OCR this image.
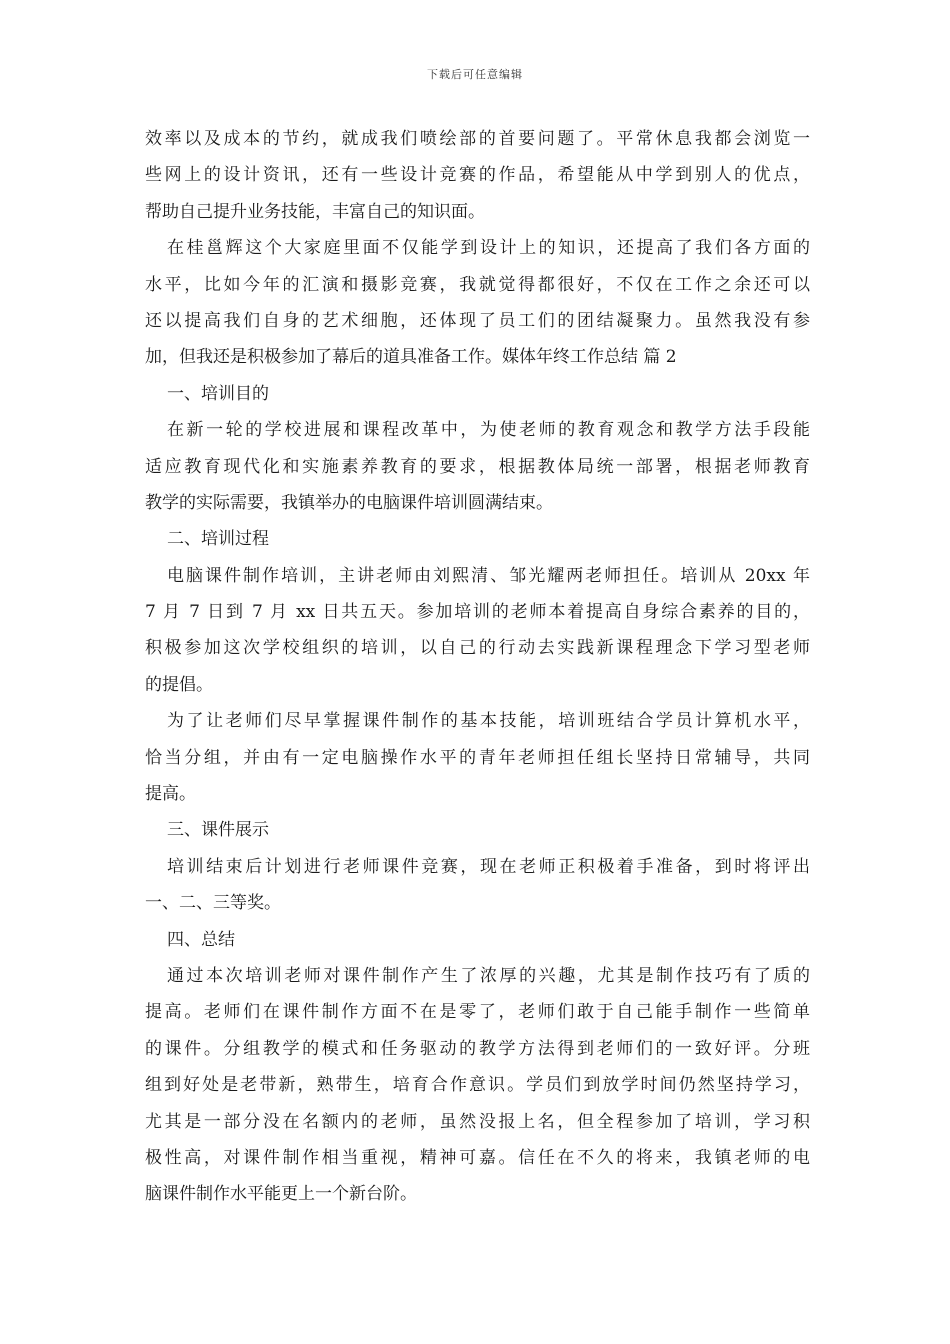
下载后可任意编辑
效率以及成本的节约，就成我们喷绘部的首要问题了。平常休息我都会浏览一
些网上的设计资讯，还有一些设计竞赛的作品，希望能从中学到别人的优点，
帮助自己提升业务技能，丰富自己的知识面。
在桂邕辉这个大家庭里面不仅能学到设计上的知识，还提高了我们各方面的
水平，比如今年的汇演和摄影竞赛，我就觉得都很好，不仅在工作之余还可以
还以提高我们自身的艺术细胞，还体现了员工们的团结凝聚力。虽然我没有参
加，但我还是积极参加了幕后的道具准备工作。媒体年终工作总结 篇 2
一、培训目的
在新一轮的学校进展和课程改革中，为使老师的教育观念和教学方法手段能
适应教育现代化和实施素养教育的要求，根据教体局统一部署，根据老师教育
教学的实际需要，我镇举办的电脑课件培训圆满结束。
二、培训过程
电脑课件制作培训，主讲老师由刘熙清、邹光耀两老师担任。培训从 20xx 年
7 月 7 日到 7 月 xx 日共五天。参加培训的老师本着提高自身综合素养的目的，
积极参加这次学校组织的培训，以自己的行动去实践新课程理念下学习型老师
的提倡。
为了让老师们尽早掌握课件制作的基本技能，培训班结合学员计算机水平，
恰当分组，并由有一定电脑操作水平的青年老师担任组长坚持日常辅导，共同
提高。
三、课件展示
培训结束后计划进行老师课件竞赛，现在老师正积极着手准备，到时将评出
一、二、三等奖。
四、总结
通过本次培训老师对课件制作产生了浓厚的兴趣，尤其是制作技巧有了质的
提高。老师们在课件制作方面不在是零了，老师们敢于自己能手制作一些简单
的课件。分组教学的模式和任务驱动的教学方法得到老师们的一致好评。分班
组到好处是老带新，熟带生，培育合作意识。学员们到放学时间仍然坚持学习，
尤其是一部分没在名额内的老师，虽然没报上名，但全程参加了培训，学习积
极性高，对课件制作相当重视，精神可嘉。信任在不久的将来，我镇老师的电
脑课件制作水平能更上一个新台阶。
